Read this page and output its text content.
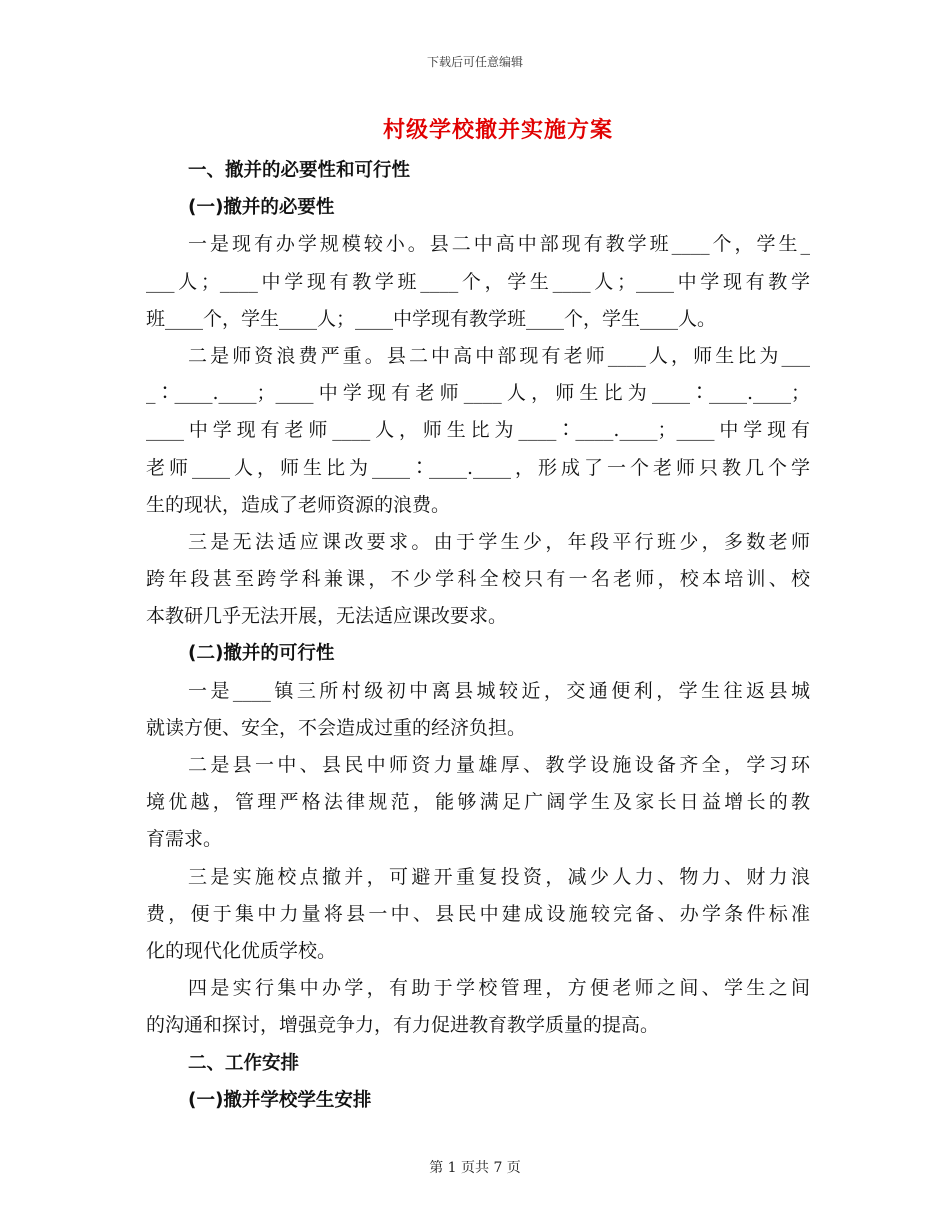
下载后可任意编辑
村级学校撤并实施方案
一、撤并的必要性和可行性
(一)撤并的必要性
一是现有办学规模较小。县二中高中部现有教学班____个，学生_
___人；____中学现有教学班____个，学生____人；____中学现有教学
班____个，学生____人；____中学现有教学班____个，学生____人。
二是师资浪费严重。县二中高中部现有老师____人，师生比为___
_∶____.____；____中学现有老师____人，师生比为____∶____.____；
____中学现有老师____人，师生比为____∶____.____；____中学现有
老师____人，师生比为____∶____.____，形成了一个老师只教几个学
生的现状，造成了老师资源的浪费。
三是无法适应课改要求。由于学生少，年段平行班少，多数老师
跨年段甚至跨学科兼课，不少学科全校只有一名老师，校本培训、校
本教研几乎无法开展，无法适应课改要求。
(二)撤并的可行性
一是____镇三所村级初中离县城较近，交通便利，学生往返县城
就读方便、安全，不会造成过重的经济负担。
二是县一中、县民中师资力量雄厚、教学设施设备齐全，学习环
境优越，管理严格法律规范，能够满足广阔学生及家长日益增长的教
育需求。
三是实施校点撤并，可避开重复投资，减少人力、物力、财力浪
费，便于集中力量将县一中、县民中建成设施较完备、办学条件标准
化的现代化优质学校。
四是实行集中办学，有助于学校管理，方便老师之间、学生之间
的沟通和探讨，增强竞争力，有力促进教育教学质量的提高。
二、工作安排
(一)撤并学校学生安排
第 1 页共 7 页
